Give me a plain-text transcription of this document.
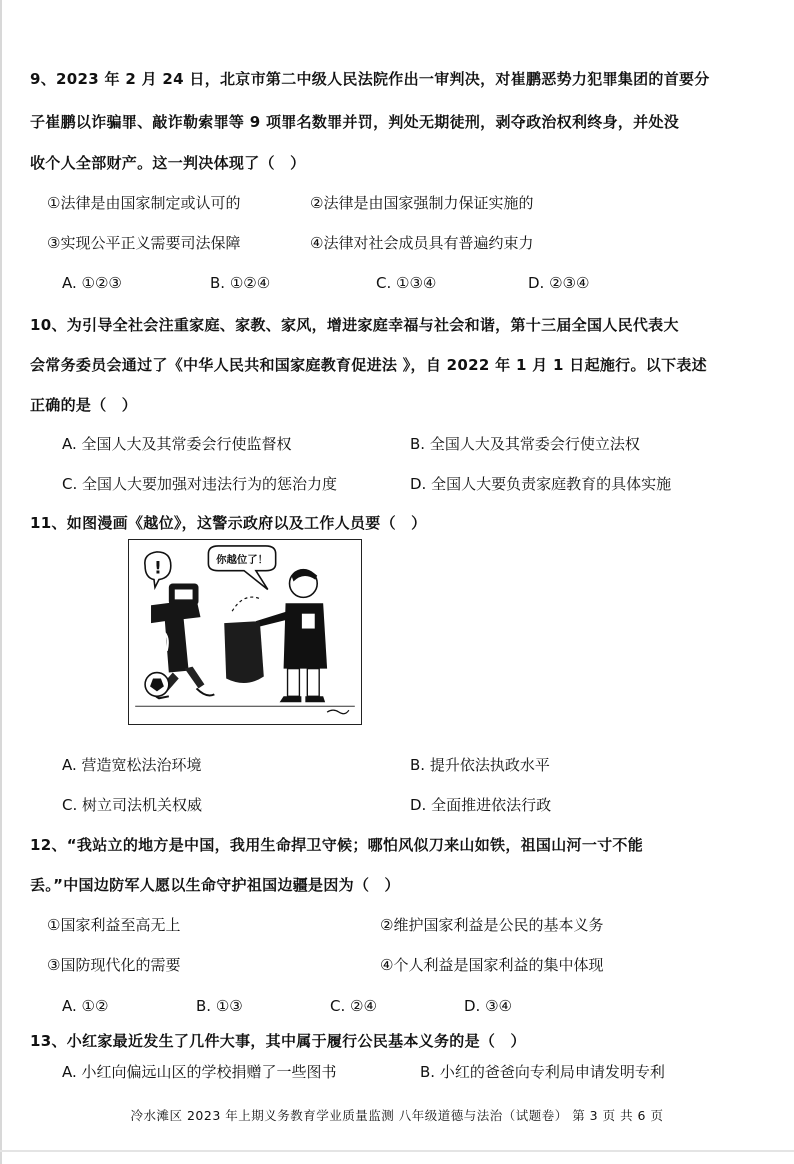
9、2023 年 2 月 24 日，北京市第二中级人民法院作出一审判决，对崔鹏恶势力犯罪集团的首要分
子崔鹏以诈骗罪、敲诈勒索罪等 9 项罪名数罪并罚，判处无期徒刑，剥夺政治权利终身，并处没
收个人全部财产。这一判决体现了（　）
①法律是由国家制定或认可的	②法律是由国家强制力保证实施的
③实现公平正义需要司法保障	④法律对社会成员具有普遍约束力
A. ①②③	B. ①②④	C. ①③④	D. ②③④
10、为引导全社会注重家庭、家教、家风，增进家庭幸福与社会和谐，第十三届全国人民代表大
会常务委员会通过了《中华人民共和国家庭教育促进法 》，自 2022 年 1 月 1 日起施行。以下表述
正确的是（　）
A. 全国人大及其常委会行使监督权	B. 全国人大及其常委会行使立法权
C. 全国人大要加强对违法行为的惩治力度	D. 全国人大要负责家庭教育的具体实施
11、如图漫画《越位》，这警示政府以及工作人员要（　）
!	你越位了！
A. 营造宽松法治环境	B. 提升依法执政水平
C. 树立司法机关权威	D. 全面推进依法行政
12、“我站立的地方是中国，我用生命捍卫守候；哪怕风似刀来山如铁，祖国山河一寸不能
丢。”中国边防军人愿以生命守护祖国边疆是因为（　）
①国家利益至高无上	②维护国家利益是公民的基本义务
③国防现代化的需要	④个人利益是国家利益的集中体现
A. ①②	B. ①③	C. ②④	D. ③④
13、小红家最近发生了几件大事，其中属于履行公民基本义务的是（　）
A. 小红向偏远山区的学校捐赠了一些图书	B. 小红的爸爸向专利局申请发明专利
冷水滩区 2023 年上期义务教育学业质量监测 八年级道德与法治（试题卷） 第 3 页 共 6 页
